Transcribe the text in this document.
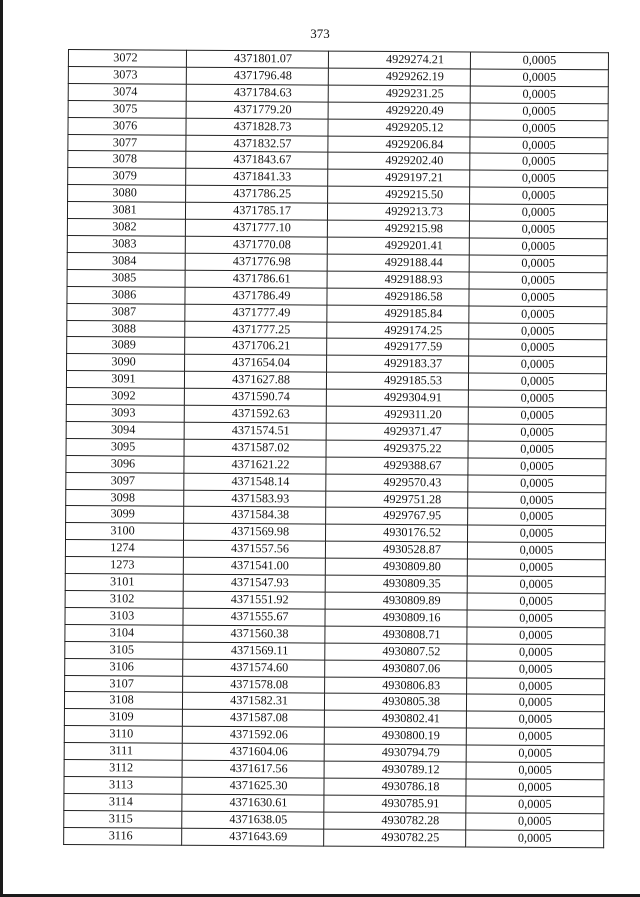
373
3072	4371801.07	4929274.21	0,0005
3073	4371796.48	4929262.19	0,0005
3074	4371784.63	4929231.25	0,0005
3075	4371779.20	4929220.49	0,0005
3076	4371828.73	4929205.12	0,0005
3077	4371832.57	4929206.84	0,0005
3078	4371843.67	4929202.40	0,0005
3079	4371841.33	4929197.21	0,0005
3080	4371786.25	4929215.50	0,0005
3081	4371785.17	4929213.73	0,0005
3082	4371777.10	4929215.98	0,0005
3083	4371770.08	4929201.41	0,0005
3084	4371776.98	4929188.44	0,0005
3085	4371786.61	4929188.93	0,0005
3086	4371786.49	4929186.58	0,0005
3087	4371777.49	4929185.84	0,0005
3088	4371777.25	4929174.25	0,0005
3089	4371706.21	4929177.59	0,0005
3090	4371654.04	4929183.37	0,0005
3091	4371627.88	4929185.53	0,0005
3092	4371590.74	4929304.91	0,0005
3093	4371592.63	4929311.20	0,0005
3094	4371574.51	4929371.47	0,0005
3095	4371587.02	4929375.22	0,0005
3096	4371621.22	4929388.67	0,0005
3097	4371548.14	4929570.43	0,0005
3098	4371583.93	4929751.28	0,0005
3099	4371584.38	4929767.95	0,0005
3100	4371569.98	4930176.52	0,0005
1274	4371557.56	4930528.87	0,0005
1273	4371541.00	4930809.80	0,0005
3101	4371547.93	4930809.35	0,0005
3102	4371551.92	4930809.89	0,0005
3103	4371555.67	4930809.16	0,0005
3104	4371560.38	4930808.71	0,0005
3105	4371569.11	4930807.52	0,0005
3106	4371574.60	4930807.06	0,0005
3107	4371578.08	4930806.83	0,0005
3108	4371582.31	4930805.38	0,0005
3109	4371587.08	4930802.41	0,0005
3110	4371592.06	4930800.19	0,0005
3111	4371604.06	4930794.79	0,0005
3112	4371617.56	4930789.12	0,0005
3113	4371625.30	4930786.18	0,0005
3114	4371630.61	4930785.91	0,0005
3115	4371638.05	4930782.28	0,0005
3116	4371643.69	4930782.25	0,0005
